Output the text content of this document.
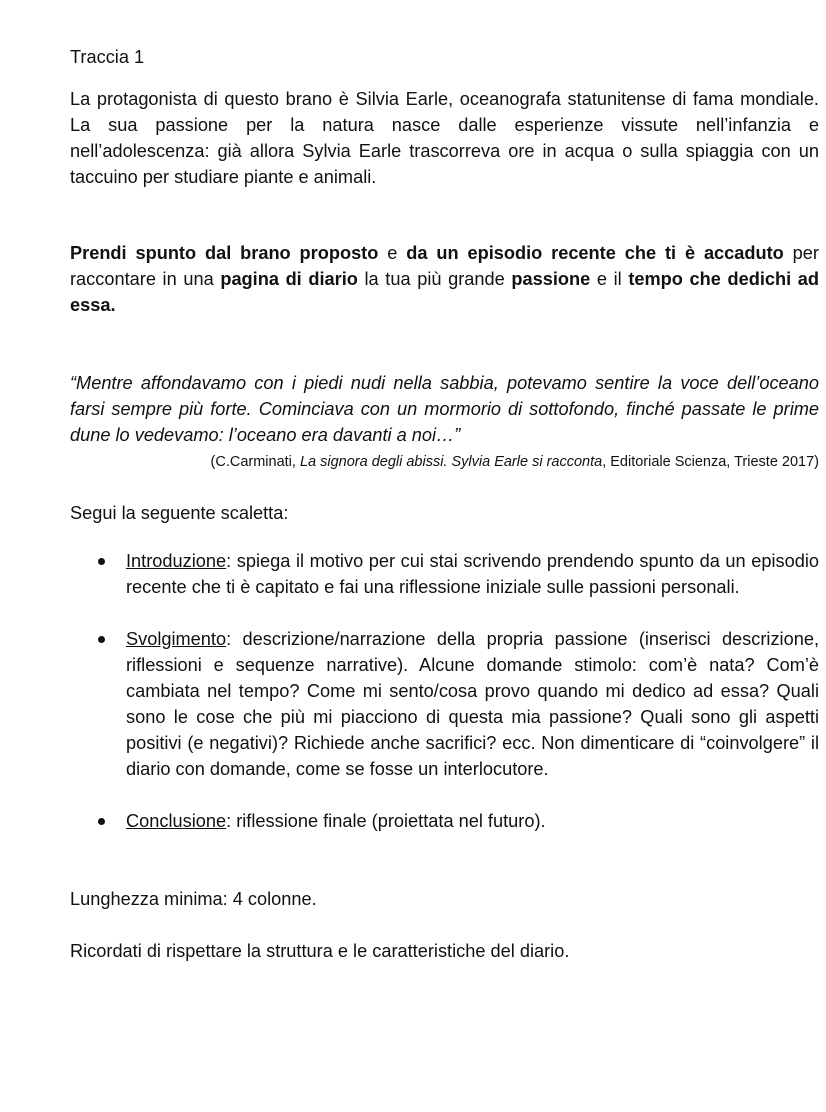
Traccia 1

La protagonista di questo brano è Silvia Earle, oceanografa statunitense di fama mondiale. La sua passione per la natura nasce dalle esperienze vissute nell’infanzia e nell’adolescenza: già allora Sylvia Earle trascorreva ore in acqua o sulla spiaggia con un taccuino per studiare piante e animali.

Prendi spunto dal brano proposto e da un episodio recente che ti è accaduto per raccontare in una pagina di diario la tua più grande passione e il tempo che dedichi ad essa.

“Mentre affondavamo con i piedi nudi nella sabbia, potevamo sentire la voce dell’oceano farsi sempre più forte. Cominciava con un mormorio di sottofondo, finché passate le prime dune lo vedevamo: l’oceano era davanti a noi…”

(C.Carminati, La signora degli abissi. Sylvia Earle si racconta, Editoriale Scienza, Trieste 2017)

Segui la seguente scaletta:

Introduzione: spiega il motivo per cui stai scrivendo prendendo spunto da un episodio recente che ti è capitato e fai una riflessione iniziale sulle passioni personali.
Svolgimento: descrizione/narrazione della propria passione (inserisci descrizione, riflessioni e sequenze narrative). Alcune domande stimolo: com’è nata? Com’è cambiata nel tempo? Come mi sento/cosa provo quando mi dedico ad essa? Quali sono le cose che più mi piacciono di questa mia passione? Quali sono gli aspetti positivi (e negativi)? Richiede anche sacrifici? ecc. Non dimenticare di “coinvolgere” il diario con domande, come se fosse un interlocutore.
Conclusione: riflessione finale (proiettata nel futuro).

Lunghezza minima: 4 colonne.

Ricordati di rispettare la struttura e le caratteristiche del diario.
